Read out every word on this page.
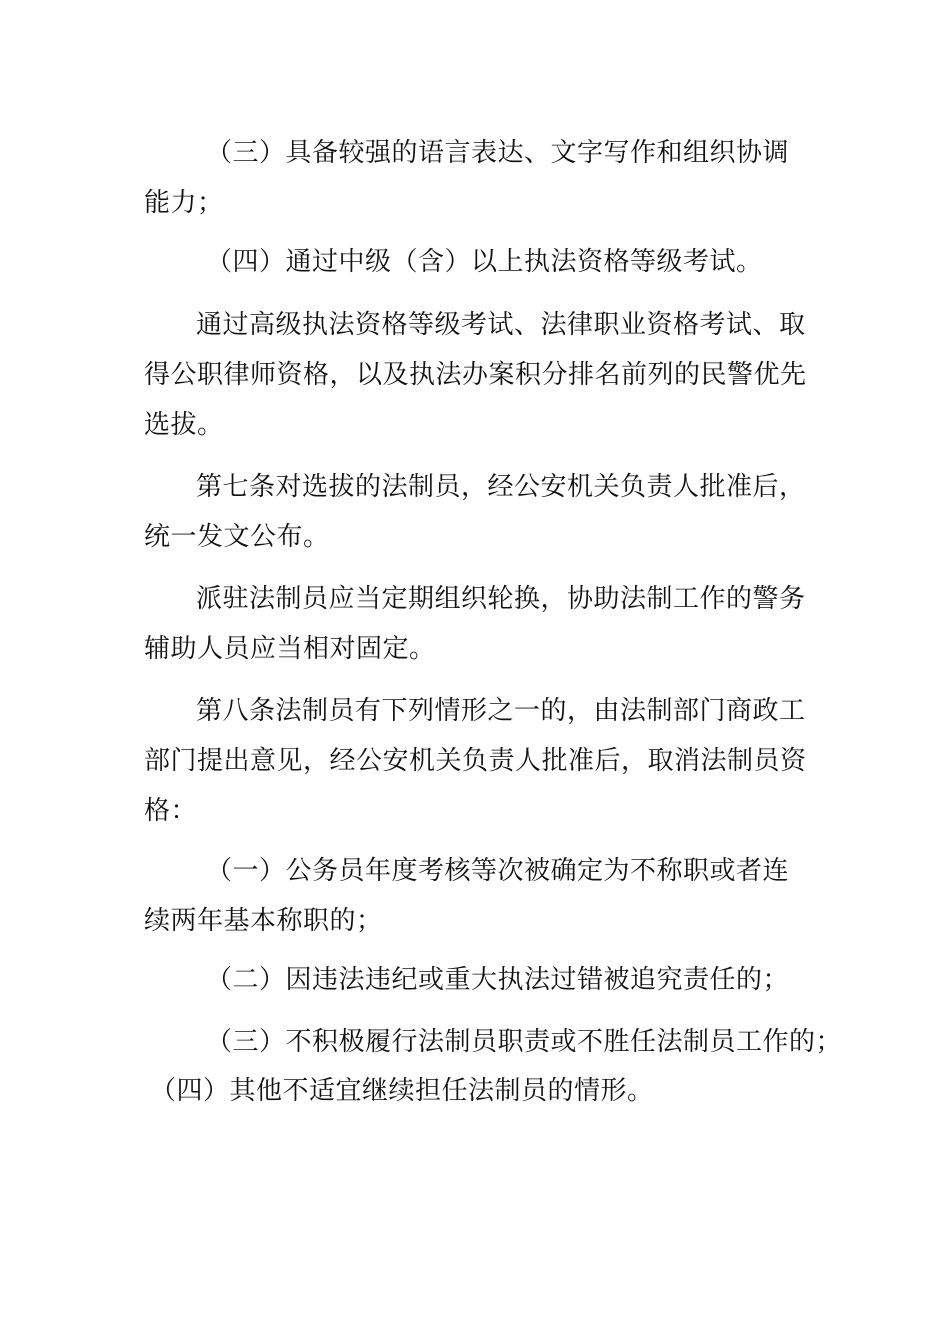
（三）具备较强的语言表达、文字写作和组织协调能力；

（四）通过中级（含）以上执法资格等级考试。

通过高级执法资格等级考试、法律职业资格考试、取得公职律师资格，以及执法办案积分排名前列的民警优先选拔。

第七条对选拔的法制员，经公安机关负责人批准后，统一发文公布。

派驻法制员应当定期组织轮换，协助法制工作的警务辅助人员应当相对固定。

第八条法制员有下列情形之一的，由法制部门商政工部门提出意见，经公安机关负责人批准后，取消法制员资格：

（一）公务员年度考核等次被确定为不称职或者连续两年基本称职的；

（二）因违法违纪或重大执法过错被追究责任的；

（三）不积极履行法制员职责或不胜任法制员工作的；

（四）其他不适宜继续担任法制员的情形。
